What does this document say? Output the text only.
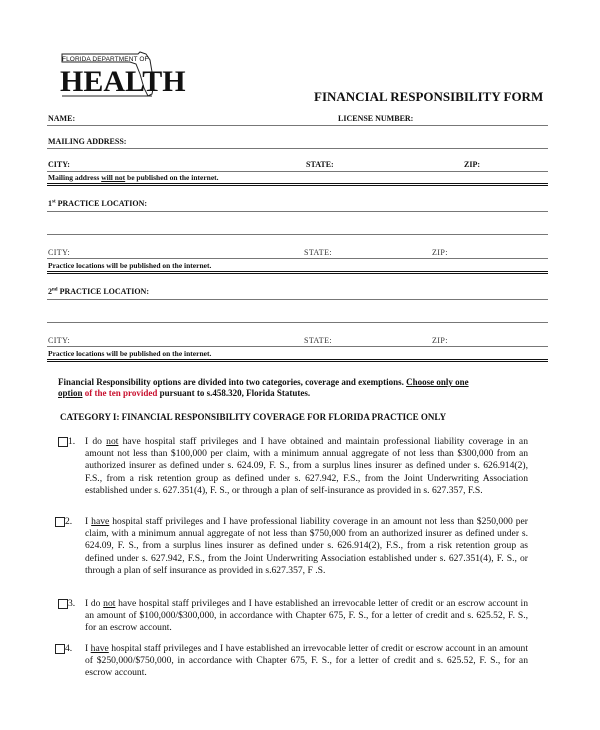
FLORIDA DEPARTMENT OF
HEALTH	FINANCIAL RESPONSIBILITY FORM
NAME:	LICENSE NUMBER:
MAILING ADDRESS:
CITY:	STATE:	ZIP:
Mailing address will not be published on the internet.
1st PRACTICE LOCATION:
CITY:	STATE:	ZIP:
Practice locations will be published on the internet.
2nd PRACTICE LOCATION:
CITY:	STATE:	ZIP:
Practice locations will be published on the internet.
Financial Responsibility options are divided into two categories, coverage and exemptions. Choose only one
option of the ten provided pursuant to s.458.320, Florida Statutes.
CATEGORY I: FINANCIAL RESPONSIBILITY COVERAGE FOR FLORIDA PRACTICE ONLY
1. I do not have hospital staff privileges and I have obtained and maintain professional liability coverage in an amount not less than $100,000 per claim, with a minimum annual aggregate of not less than $300,000 from an authorized insurer as defined under s. 624.09, F. S., from a surplus lines insurer as defined under s. 626.914(2), F.S., from a risk retention group as defined under s. 627.942, F.S., from the Joint Underwriting Association established under s. 627.351(4), F. S., or through a plan of self-insurance as provided in s. 627.357, F.S.
2. I have hospital staff privileges and I have professional liability coverage in an amount not less than $250,000 per claim, with a minimum annual aggregate of not less than $750,000 from an authorized insurer as defined under s. 624.09, F. S., from a surplus lines insurer as defined under s. 626.914(2), F.S., from a risk retention group as defined under s. 627.942, F.S., from the Joint Underwriting Association established under s. 627.351(4), F. S., or through a plan of self insurance as provided in s.627.357, F .S.
3. I do not have hospital staff privileges and I have established an irrevocable letter of credit or an escrow account in an amount of $100,000/$300,000, in accordance with Chapter 675, F. S., for a letter of credit and s. 625.52, F. S., for an escrow account.
4. I have hospital staff privileges and I have established an irrevocable letter of credit or escrow account in an amount of $250,000/$750,000, in accordance with Chapter 675, F. S., for a letter of credit and s. 625.52, F. S., for an escrow account.
